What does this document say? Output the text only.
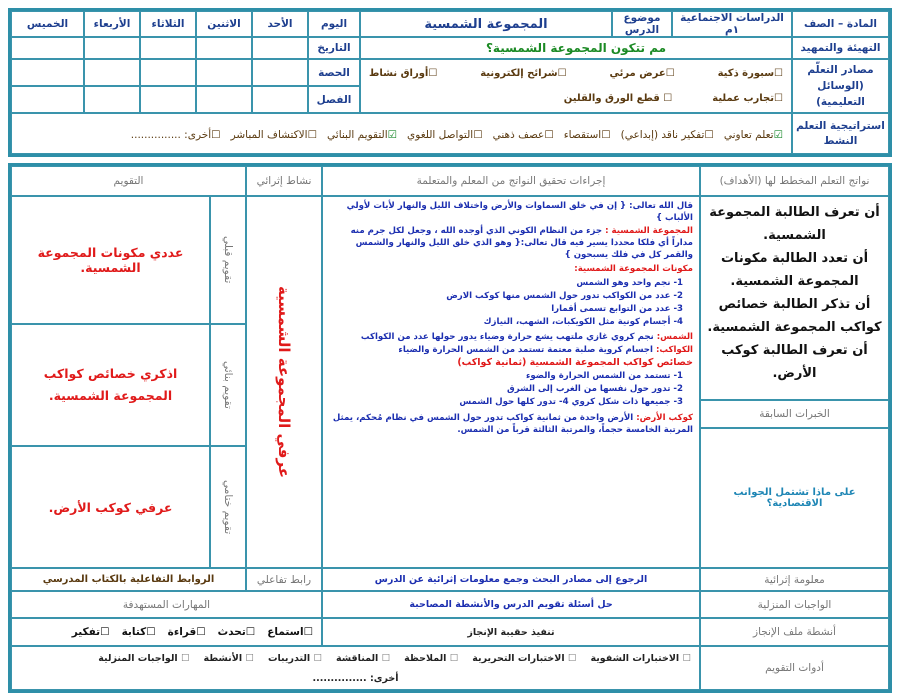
المادة – الصف
التهيئة والتمهيد
مصادر التعلّم (الوسائل التعليمية)
استراتيجية التعلم النشط
الدراسات الاجتماعية ١م
موضوع الدرس
المجموعة الشمسية
اليوم
التاريخ
الحصة
الفصل
الأحد
الاثنين
الثلاثاء
الأربعاء
الخميس
مم تتكون المجموعة الشمسية؟
☐ سبورة ذكية
☐ عرض مرئي
☐ شرائح إلكترونية
☐ أوراق نشاط
☐ تجارب عملية
☐ قطع الورق والقلين
☑ تعلم تعاوني
☐ تفكير ناقد (إبداعي)
☐ استقصاء
☐ عصف ذهني
☐ التواصل اللغوي
☑ التقويم البنائي
☐ الاكتشاف المباشر
☐ أخرى: ...............
نواتج التعلم المخطط لها (الأهداف)
إجراءات تحقيق النواتج من المعلم والمتعلمة
نشاط إثرائي
التقويم
أن تعرف الطالبة المجموعة الشمسية.
أن تعدد الطالبة مكونات المجموعة الشمسية.
أن تذكر الطالبة خصائص كواكب المجموعة الشمسية.
أن تعرف الطالبة كوكب الأرض.
الخبرات السابقة
على ماذا تشتمل الجوانب الاقتصادية؟

قال الله تعالى: { إن في خلق السماوات والأرض واختلاف الليل والنهار لأيات لأولي الألباب }

المجموعة الشمسية : جزء من النظام الكوني الذي أوجده الله ، وجعل لكل جرم منه مداراً أي فلكا محددا يسير فيه قال تعالى:{ وهو الذي خلق الليل والنهار والشمس والقمر كل في فلك يسبحون }

مكونات المجموعة الشمسية:

1- نجم واحد وهو الشمس

2- عدد من الكواكب تدور حول الشمس منها كوكب الارض

3- عدد من التوابع تسمى أقمارا

4- أجسام كونية مثل الكويكبات، الشهب، النيازك

الشمس: نجم كروي غازي ملتهب يشع حرارة وضياء يدور حولها عدد من الكواكب

الكواكب: اجسام كروية صلبة معتمة تستمد من الشمس الحرارة والضياء

خصائص كواكب المجموعة الشمسية (ثمانية كواكب)

1- تستمد من الشمس الحرارة والضوء

2- تدور حول نفسها من الغرب إلى الشرق

3- جميعها ذات شكل كروي 4- تدور كلها حول الشمس

كوكب الأرض: الأرض واحدة من ثمانية كواكب تدور حول الشمس في نظام مُحكم، يمثل المرتبة الخامسة حجماً، والمرتبة الثالثة قرباً من الشمس.

عرفي المجموعة الشمسية
تقويم قبلي
عددي مكونات المجموعة الشمسية.
تقويم بنائي
اذكري خصائص كواكب المجموعة الشمسية.
تقويم ختامي
عرفي كوكب الأرض.
معلومة إثرائية
الرجوع إلى مصادر البحث وجمع معلومات إثرائية عن الدرس
رابط تفاعلي
الروابط التفاعلية بالكتاب المدرسي
الواجبات المنزلية
حل أسئلة تقويم الدرس والأنشطة المصاحبة
المهارات المستهدفة
أنشطة ملف الإنجاز
تنفيذ حقيبة الإنجاز
☐ استماع
☐ تحدث
☐ قراءة
☐ كتابة
☐ تفكير
أدوات التقويم
☐ الاختبارات الشفوية
☐ الاختبارات التحريرية
☐ الملاحظة
☐ المناقشة
☐ التدريبات
☐ الأنشطة
☐ الواجبات المنزلية
أخرى: ...............
